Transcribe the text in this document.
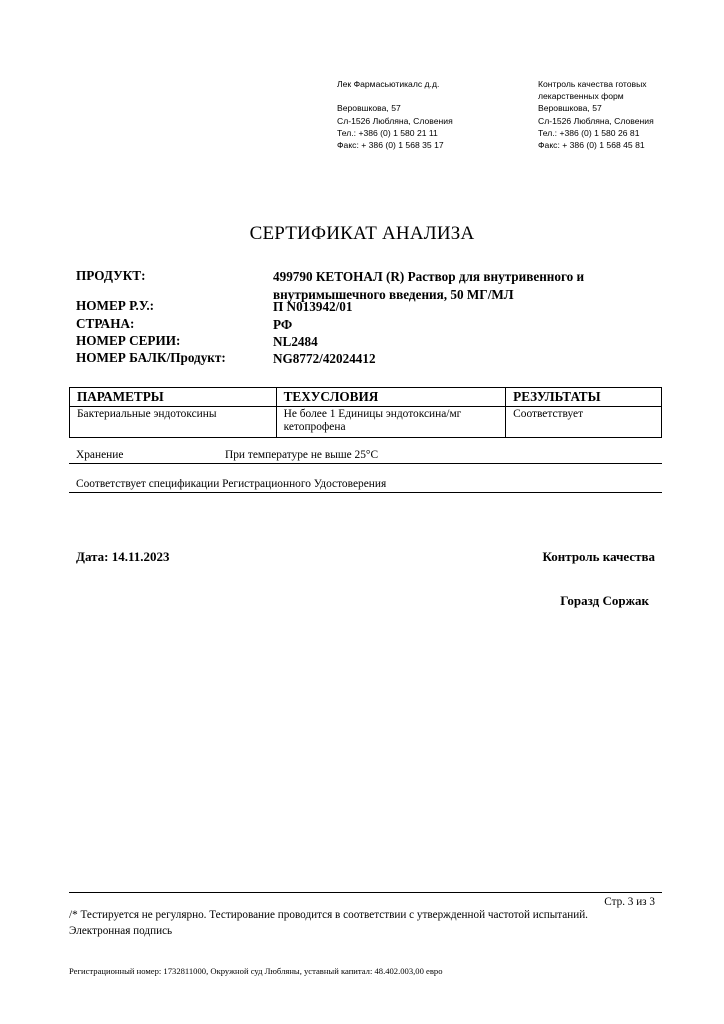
Лек Фармасьютикалс д.д.
Веровшкова, 57
Сл-1526 Любляна, Словения
Тел.: +386 (0) 1 580 21 11
Факс: + 386 (0) 1 568 35 17
Контроль качества готовых
лекарственных форм
Веровшкова, 57
Сл-1526 Любляна, Словения
Тел.: +386 (0) 1 580 26 81
Факс: + 386 (0) 1 568 45 81
СЕРТИФИКАТ АНАЛИЗА
ПРОДУКТ:	499790 КЕТОНАЛ (R) Раствор для внутривенного и
внутримышечного введения, 50 МГ/МЛ
НОМЕР Р.У.:	П N013942/01
СТРАНА:	РФ
НОМЕР СЕРИИ:	NL2484
НОМЕР БАЛК/Продукт:	NG8772/42024412
ПАРАМЕТРЫ	ТЕХУСЛОВИЯ	РЕЗУЛЬТАТЫ
Бактериальные эндотоксины	Не более 1 Единицы эндотоксина/мг
кетопрофена	Соответствует
Хранение	При температуре не выше 25°C
Соответствует спецификации Регистрационного Удостоверения
Дата: 14.11.2023	Контроль качества
Горазд Соржак
Стр. 3 из 3
/* Тестируется не регулярно. Тестирование проводится в соответствии с утвержденной частотой испытаний.
Электронная подпись
Регистрационный номер: 1732811000, Окружной суд Любляны, уставный капитал: 48.402.003,00 евро
